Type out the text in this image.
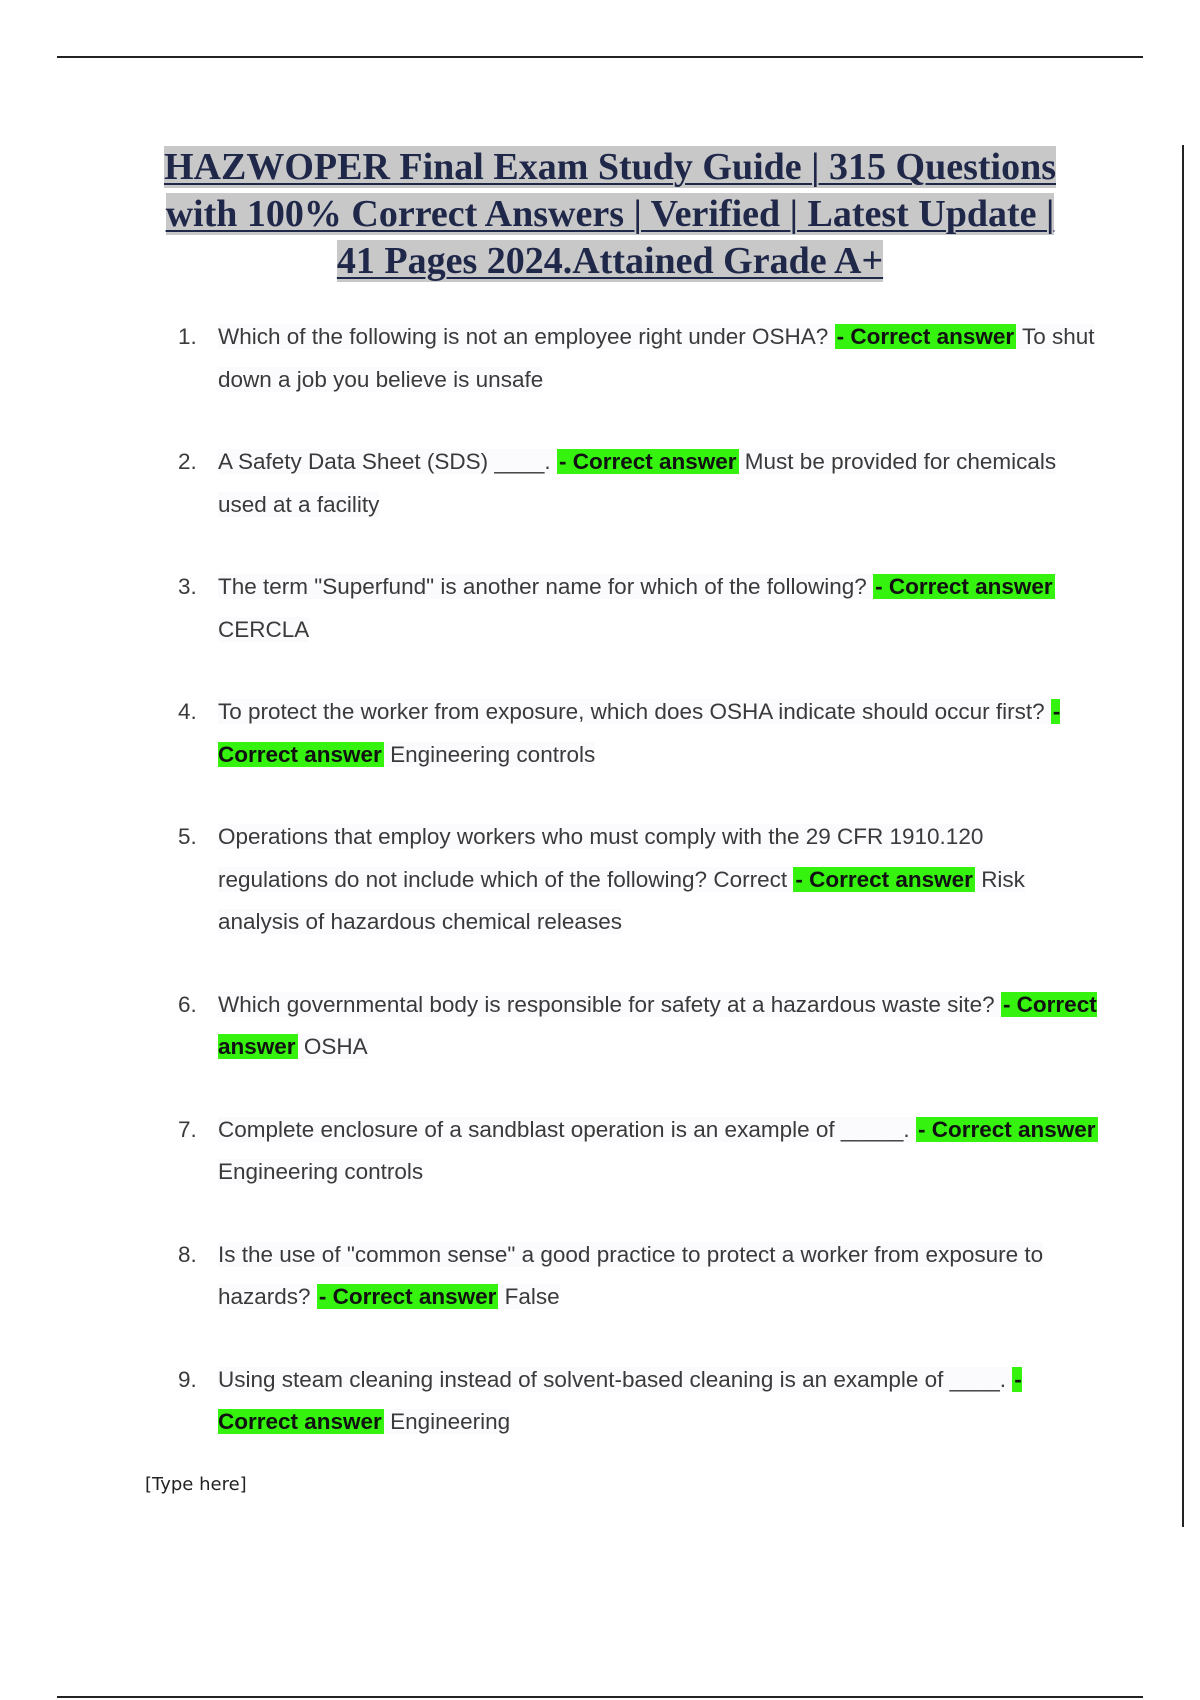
HAZWOPER Final Exam Study Guide | 315 Questions with 100% Correct Answers | Verified | Latest Update | 41 Pages 2024.Attained Grade A+
1. Which of the following is not an employee right under OSHA? - Correct answer To shut down a job you believe is unsafe
2. A Safety Data Sheet (SDS) ____. - Correct answer Must be provided for chemicals used at a facility
3. The term "Superfund" is another name for which of the following? - Correct answer CERCLA
4. To protect the worker from exposure, which does OSHA indicate should occur first? - Correct answer Engineering controls
5. Operations that employ workers who must comply with the 29 CFR 1910.120 regulations do not include which of the following? Correct - Correct answer Risk analysis of hazardous chemical releases
6. Which governmental body is responsible for safety at a hazardous waste site? - Correct answer OSHA
7. Complete enclosure of a sandblast operation is an example of _____. - Correct answer Engineering controls
8. Is the use of "common sense" a good practice to protect a worker from exposure to hazards? - Correct answer False
9. Using steam cleaning instead of solvent-based cleaning is an example of ____. - Correct answer Engineering
[Type here]
